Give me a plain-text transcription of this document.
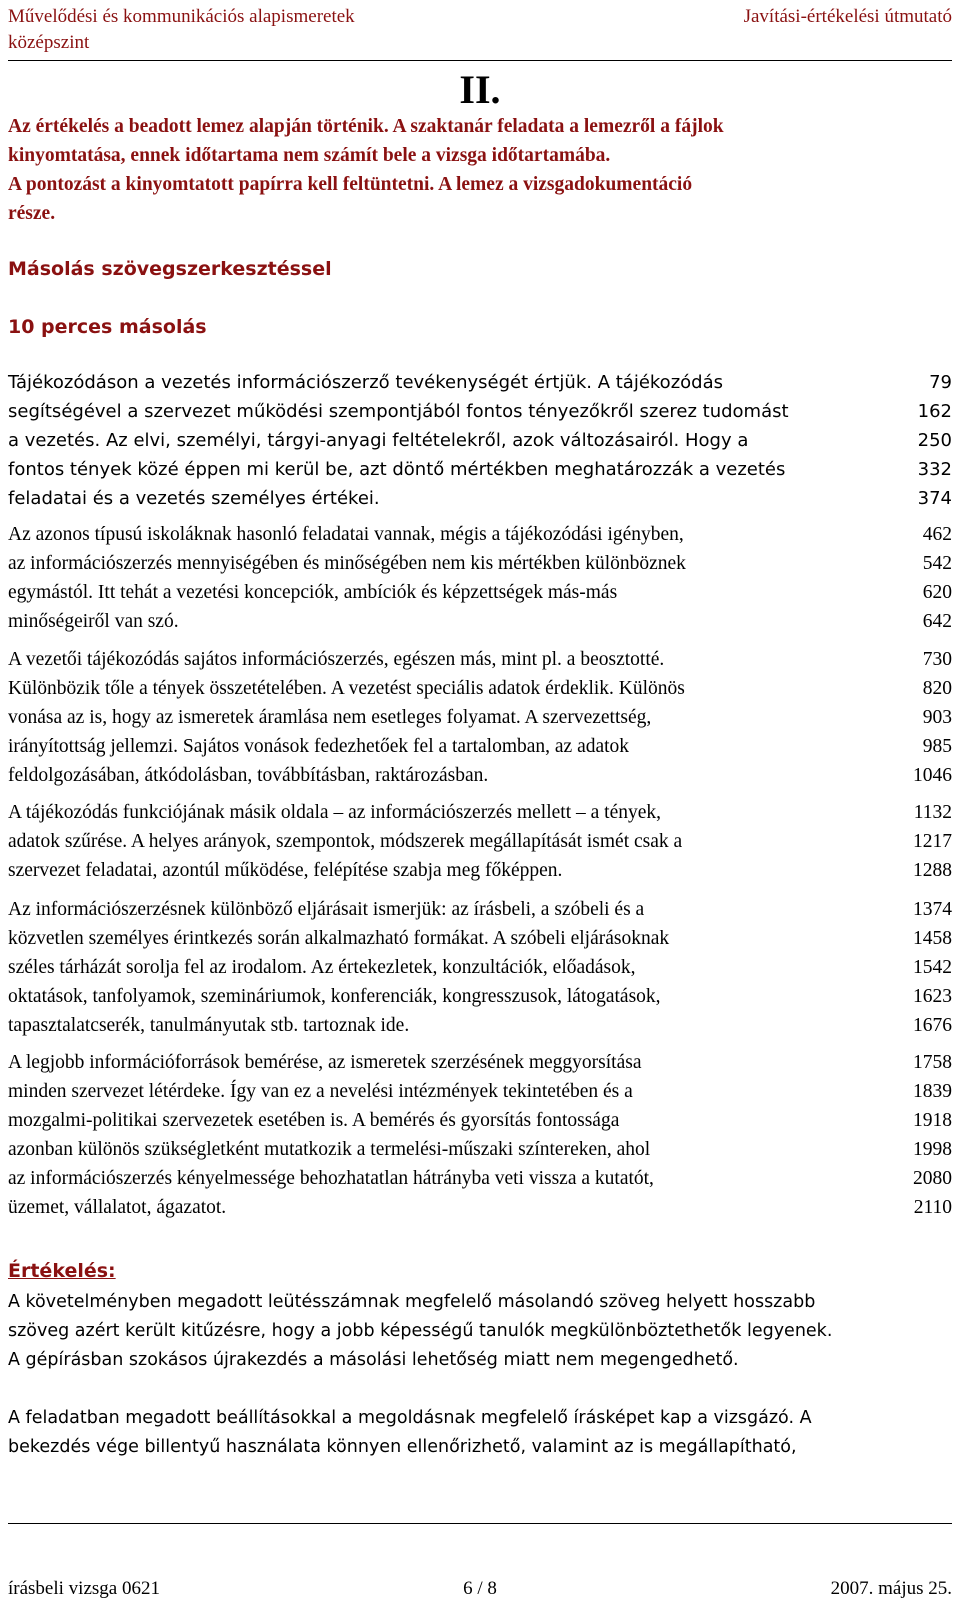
Művelődési és kommunikációs alapismeretek	Javítási-értékelési útmutató
középszint
II.
Az értékelés a beadott lemez alapján történik. A szaktanár feladata a lemezről a fájlok
kinyomtatása, ennek időtartama nem számít bele a vizsga időtartamába.
A pontozást a kinyomtatott papírra kell feltüntetni. A lemez a vizsgadokumentáció
része.
Másolás szövegszerkesztéssel
10 perces másolás
Tájékozódáson a vezetés információszerző tevékenységét értjük. A tájékozódás	79
segítségével a szervezet működési szempontjából fontos tényezőkről szerez tudomást	162
a vezetés. Az elvi, személyi, tárgyi-anyagi feltételekről, azok változásairól. Hogy a	250
fontos tények közé éppen mi kerül be, azt döntő mértékben meghatározzák a vezetés	332
feladatai és a vezetés személyes értékei.	374
Az azonos típusú iskoláknak hasonló feladatai vannak, mégis a tájékozódási igényben,	462
az információszerzés mennyiségében és minőségében nem kis mértékben különböznek	542
egymástól. Itt tehát a vezetési koncepciók, ambíciók és képzettségek más-más	620
minőségeiről van szó.	642
A vezetői tájékozódás sajátos információszerzés, egészen más, mint pl. a beosztotté.	730
Különbözik tőle a tények összetételében. A vezetést speciális adatok érdeklik. Különös	820
vonása az is, hogy az ismeretek áramlása nem esetleges folyamat. A szervezettség,	903
irányítottság jellemzi. Sajátos vonások fedezhetőek fel a tartalomban, az adatok	985
feldolgozásában, átkódolásban, továbbításban, raktározásban.	1046
A tájékozódás funkciójának másik oldala – az információszerzés mellett – a tények,	1132
adatok szűrése. A helyes arányok, szempontok, módszerek megállapítását ismét csak a	1217
szervezet feladatai, azontúl működése, felépítése szabja meg főképpen.	1288
Az információszerzésnek különböző eljárásait ismerjük: az írásbeli, a szóbeli és a	1374
közvetlen személyes érintkezés során alkalmazható formákat. A szóbeli eljárásoknak	1458
széles tárházát sorolja fel az irodalom. Az értekezletek, konzultációk, előadások,	1542
oktatások, tanfolyamok, szemináriumok, konferenciák, kongresszusok, látogatások,	1623
tapasztalatcserék, tanulmányutak stb. tartoznak ide.	1676
A legjobb információforrások bemérése, az ismeretek szerzésének meggyorsítása	1758
minden szervezet létérdeke. Így van ez a nevelési intézmények tekintetében és a	1839
mozgalmi-politikai szervezetek esetében is. A bemérés és gyorsítás fontossága	1918
azonban különös szükségletként mutatkozik a termelési-műszaki színtereken, ahol	1998
az információszerzés kényelmessége behozhatatlan hátrányba veti vissza a kutatót,	2080
üzemet, vállalatot, ágazatot.	2110
Értékelés:
A követelményben megadott leütésszámnak megfelelő másolandó szöveg helyett hosszabb
szöveg azért került kitűzésre, hogy a jobb képességű tanulók megkülönböztethetők legyenek.
A gépírásban szokásos újrakezdés a másolási lehetőség miatt nem megengedhető.
A feladatban megadott beállításokkal a megoldásnak megfelelő írásképet kap a vizsgázó. A
bekezdés vége billentyű használata könnyen ellenőrizhető, valamint az is megállapítható,
írásbeli vizsga 0621	6 / 8	2007. május 25.
